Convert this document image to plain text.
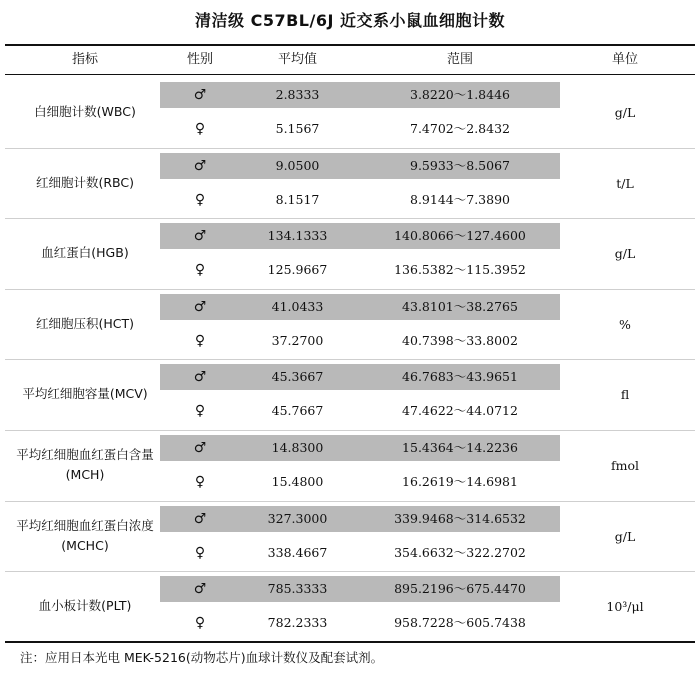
清洁级 C57BL/6J 近交系小鼠血细胞计数
指标	性别	平均值	范围	单位
白细胞计数(WBC)	g/L
♂	2.8333	3.8220～1.8446
♀	5.1567	7.4702～2.8432
红细胞计数(RBC)	t/L
♂	9.0500	9.5933～8.5067
♀	8.1517	8.9144～7.3890
血红蛋白(HGB)	g/L
♂	134.1333	140.8066～127.4600
♀	125.9667	136.5382～115.3952
红细胞压积(HCT)	%
♂	41.0433	43.8101～38.2765
♀	37.2700	40.7398～33.8002
平均红细胞容量(MCV)	fl
♂	45.3667	46.7683～43.9651
♀	45.7667	47.4622～44.0712
平均红细胞血红蛋白含量(MCH)
fmol
♂	14.8300	15.4364～14.2236
♀	15.4800	16.2619～14.6981
平均红细胞血红蛋白浓度(MCHC)
g/L
♂	327.3000	339.9468～314.6532
♀	338.4667	354.6632～322.2702
血小板计数(PLT)	10³/μl
♂	785.3333	895.2196～675.4470
♀	782.2333	958.7228～605.7438
注：应用日本光电 MEK-5216(动物芯片)血球计数仪及配套试剂。
